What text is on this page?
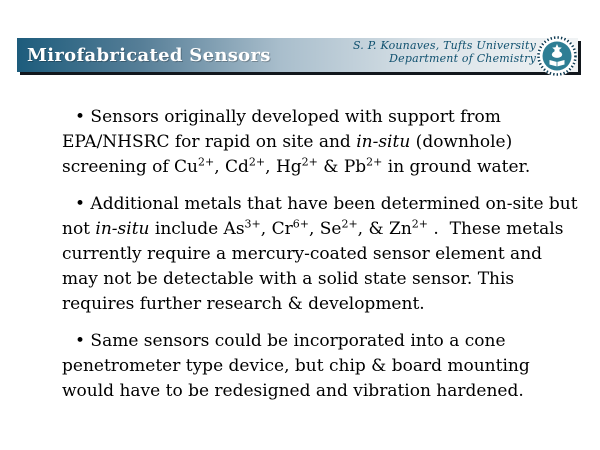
Mirofabricated Sensors	S. P. Kounaves, Tufts University
Department of Chemistry

• Sensors originally developed with support from
EPA/NHSRC for rapid on site and in-situ (downhole)
screening of $Cu^{2+}$, $Cd^{2+}$, $Hg^{2+}$ & $Pb^{2+}$ in ground water.

• Additional metals that have been determined on-site but
not in-situ include $As^{3+}$, $Cr^{6+}$, $Se^{2+}$, & $Zn^{2+}$ .  These metals
currently require a mercury-coated sensor element and
may not be detectable with a solid state sensor. This
requires further research & development.

• Same sensors could be incorporated into a cone
penetrometer type device, but chip & board mounting
would have to be redesigned and vibration hardened.
